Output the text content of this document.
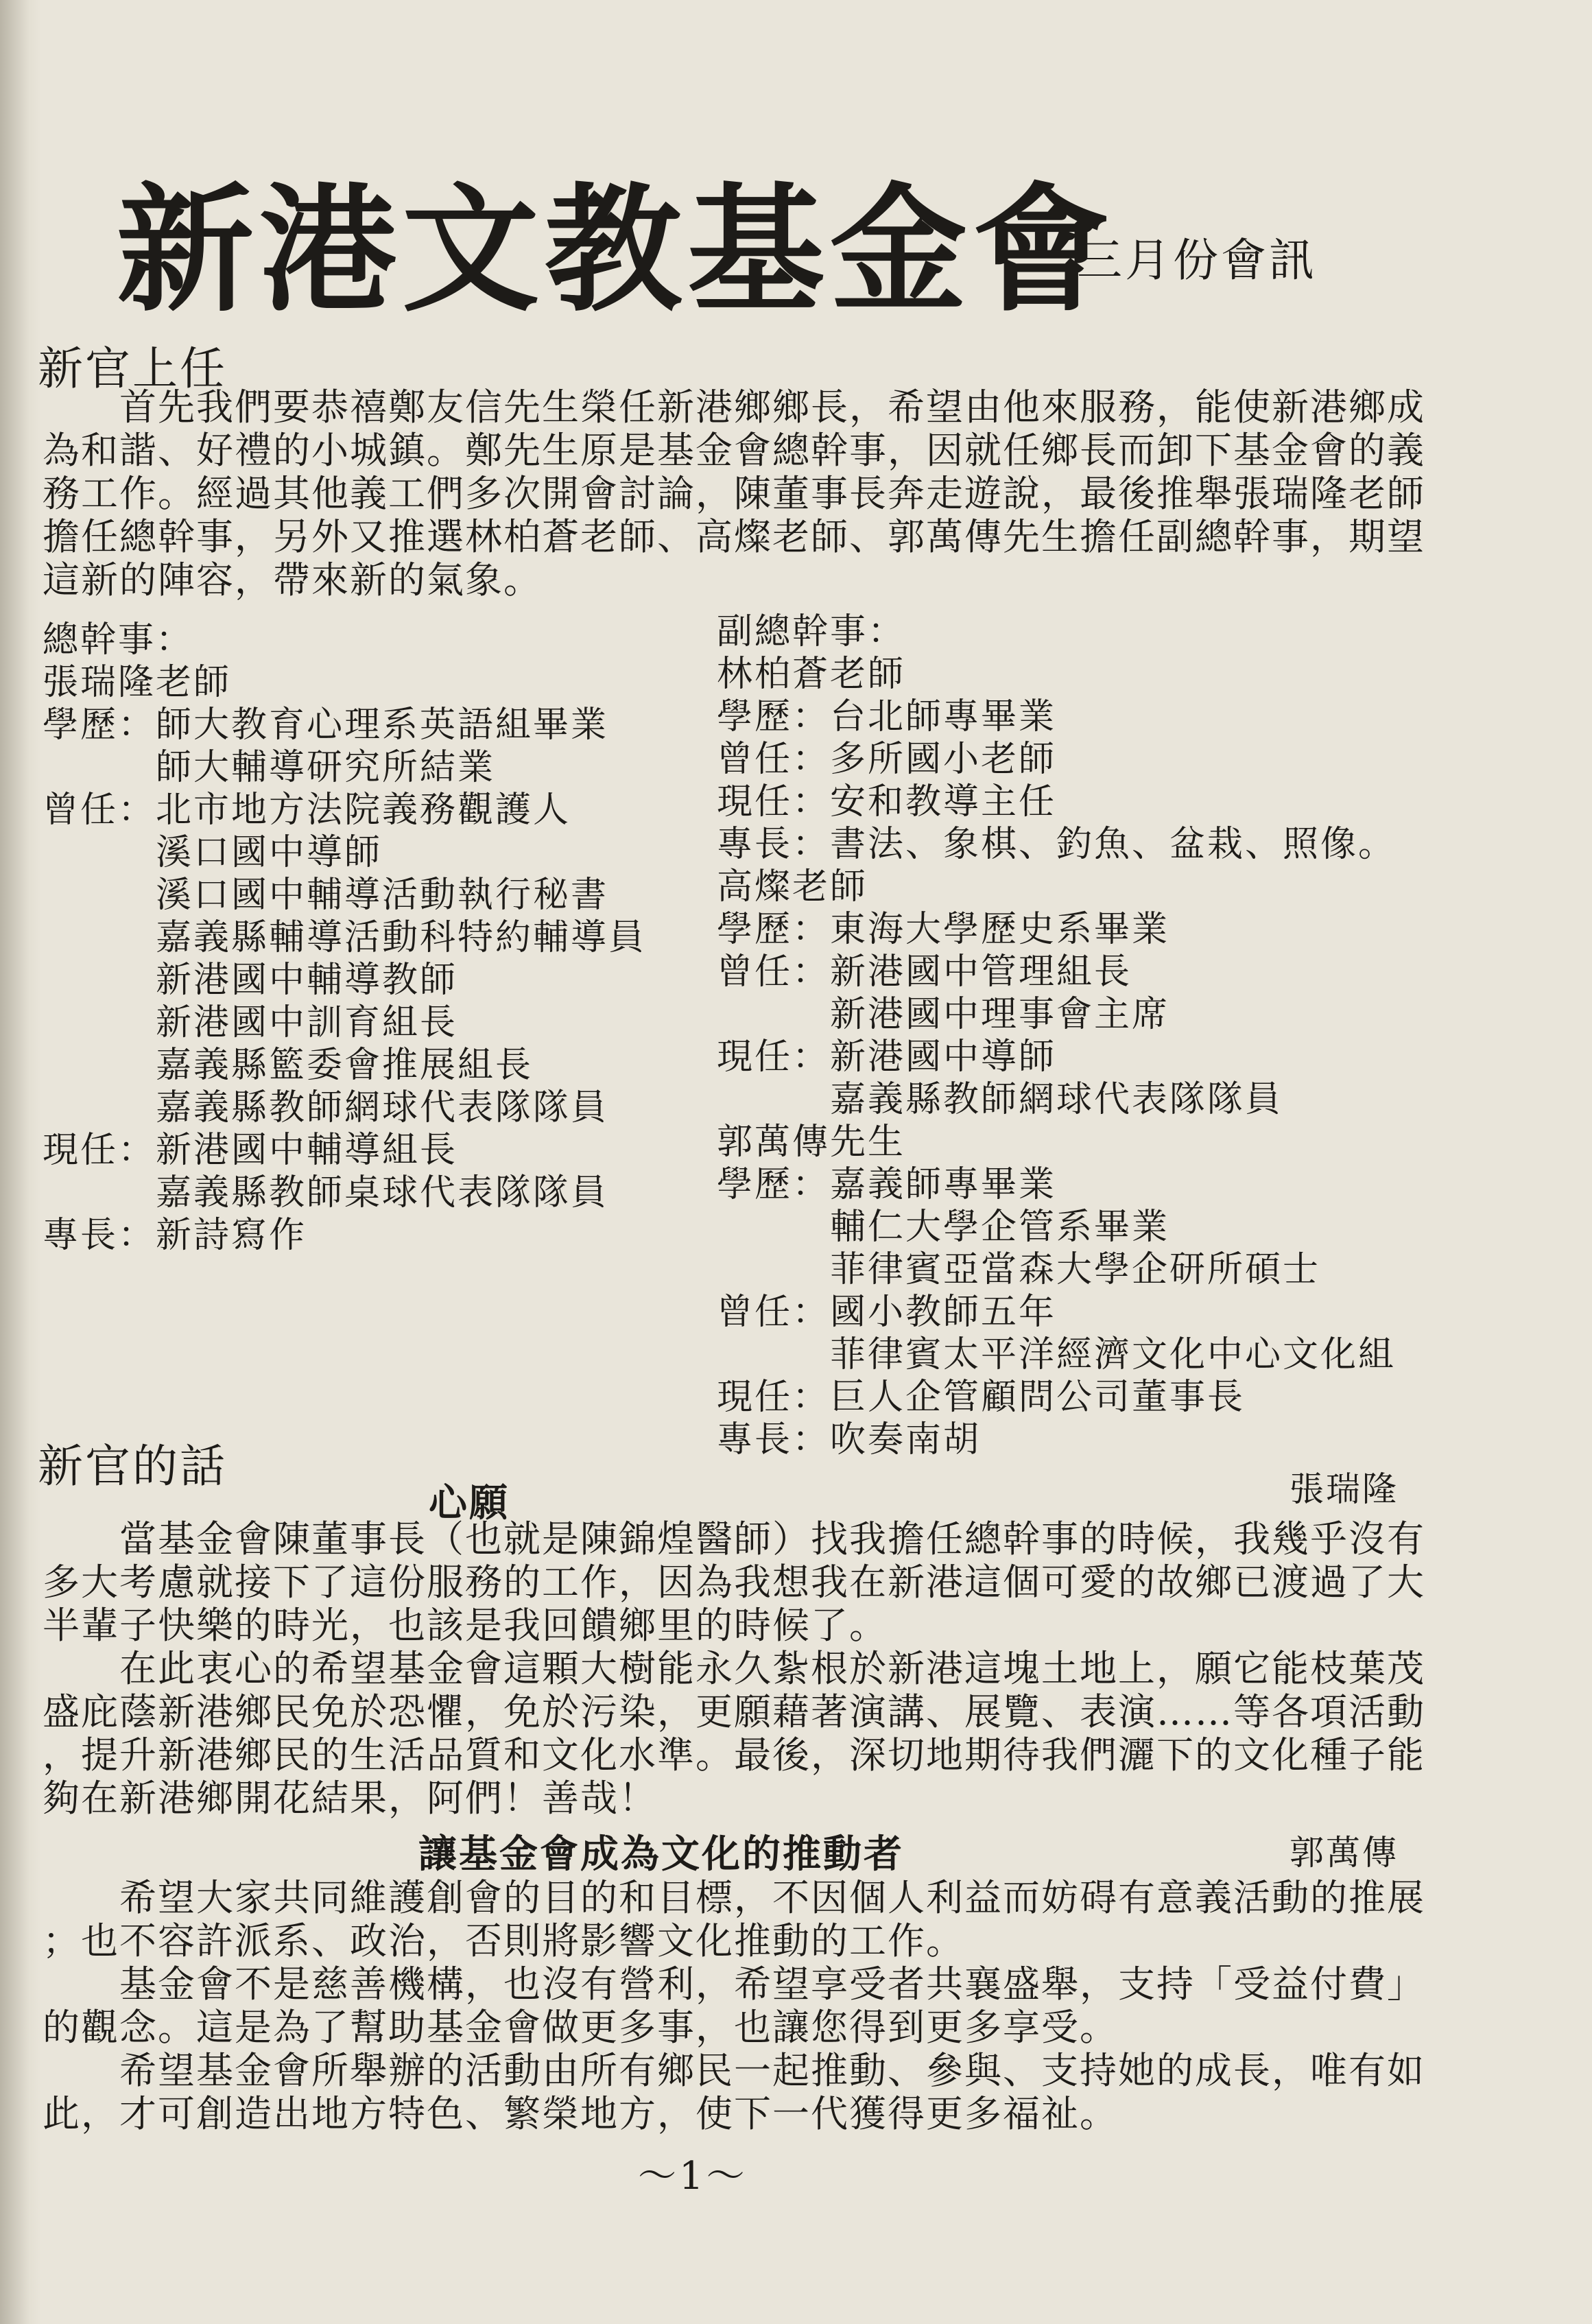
新港文教基金會
三月份會訊
新官上任
　　首先我們要恭禧鄭友信先生榮任新港鄉鄉長，希望由他來服務，能使新港鄉成
為和諧、好禮的小城鎮。鄭先生原是基金會總幹事，因就任鄉長而卸下基金會的義
務工作。經過其他義工們多次開會討論，陳董事長奔走遊說，最後推舉張瑞隆老師
擔任總幹事，另外又推選林柏蒼老師、高燦老師、郭萬傳先生擔任副總幹事，期望
這新的陣容，帶來新的氣象。
總幹事：
張瑞隆老師
學歷：師大教育心理系英語組畢業
　　　師大輔導研究所結業
曾任：北市地方法院義務觀護人
　　　溪口國中導師
　　　溪口國中輔導活動執行秘書
　　　嘉義縣輔導活動科特約輔導員
　　　新港國中輔導教師
　　　新港國中訓育組長
　　　嘉義縣籃委會推展組長
　　　嘉義縣教師網球代表隊隊員
現任：新港國中輔導組長
　　　嘉義縣教師桌球代表隊隊員
專長：新詩寫作
副總幹事：
林柏蒼老師
學歷：台北師專畢業
曾任：多所國小老師
現任：安和教導主任
專長：書法、象棋、釣魚、盆栽、照像。
高燦老師
學歷：東海大學歷史系畢業
曾任：新港國中管理組長
　　　新港國中理事會主席
現任：新港國中導師
　　　嘉義縣教師網球代表隊隊員
郭萬傳先生
學歷：嘉義師專畢業
　　　輔仁大學企管系畢業
　　　菲律賓亞當森大學企研所碩士
曾任：國小教師五年
　　　菲律賓太平洋經濟文化中心文化組
現任：巨人企管顧問公司董事長
專長：吹奏南胡
新官的話
心願	張瑞隆
　　當基金會陳董事長（也就是陳錦煌醫師）找我擔任總幹事的時候，我幾乎沒有
多大考慮就接下了這份服務的工作，因為我想我在新港這個可愛的故鄉已渡過了大
半輩子快樂的時光，也該是我回饋鄉里的時候了。
　　在此衷心的希望基金會這顆大樹能永久紮根於新港這塊土地上，願它能枝葉茂
盛庇蔭新港鄉民免於恐懼，免於污染，更願藉著演講、展覽、表演……等各項活動
，提升新港鄉民的生活品質和文化水準。最後，深切地期待我們灑下的文化種子能
夠在新港鄉開花結果，阿們！善哉！
讓基金會成為文化的推動者	郭萬傳
　　希望大家共同維護創會的目的和目標，不因個人利益而妨碍有意義活動的推展
；也不容許派系、政治，否則將影響文化推動的工作。
　　基金會不是慈善機構，也沒有營利，希望享受者共襄盛舉，支持「受益付費」
的觀念。這是為了幫助基金會做更多事，也讓您得到更多享受。
　　希望基金會所舉辦的活動由所有鄉民一起推動、參與、支持她的成長，唯有如
此，才可創造出地方特色、繁榮地方，使下一代獲得更多福祉。
～1～
